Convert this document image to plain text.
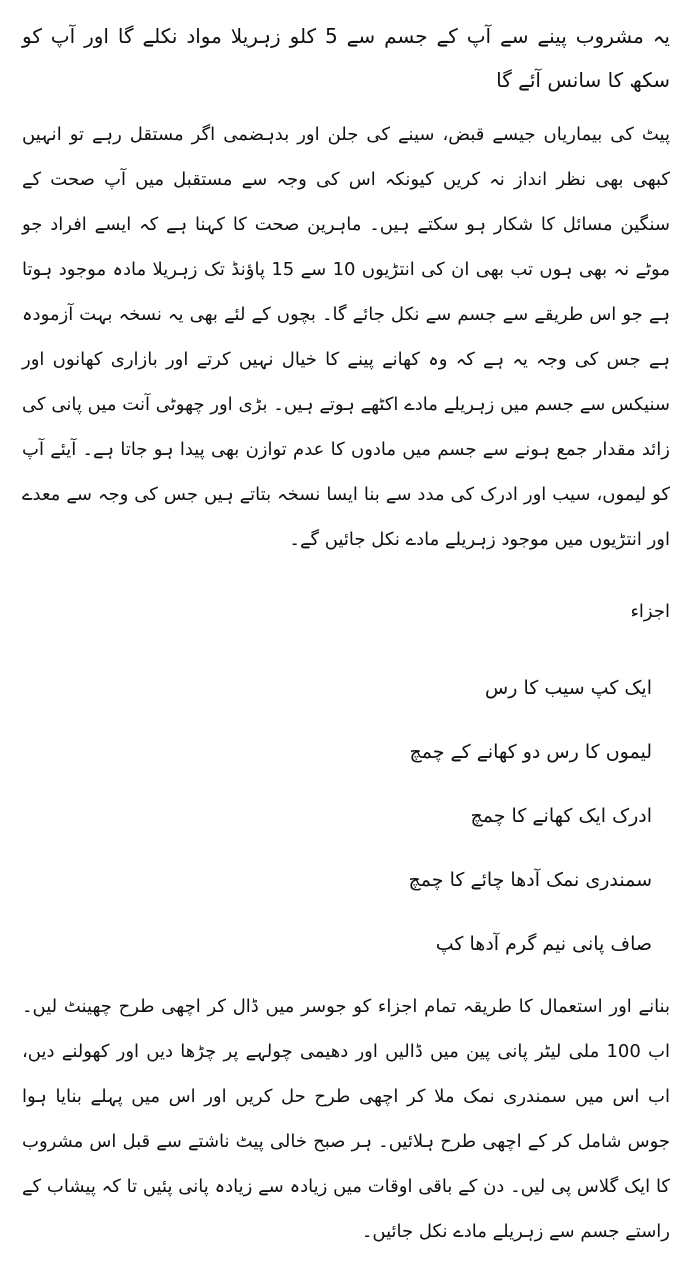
یہ مشروب پینے سے آپ کے جسم سے 5 کلو زہریلا مواد نکلے گا اور آپ کو سکھ کا سانس آئے گا

پیٹ کی بیماریاں جیسے قبض، سینے کی جلن اور بدہضمی اگر مستقل رہے تو انہیں کبھی بھی نظر انداز نہ کریں کیونکہ اس کی وجہ سے مستقبل میں آپ صحت کے سنگین مسائل کا شکار ہو سکتے ہیں۔ ماہرین صحت کا کہنا ہے کہ ایسے افراد جو موٹے نہ بھی ہوں تب بھی ان کی انتڑیوں 10 سے 15 پاؤنڈ تک زہریلا مادہ موجود ہوتا ہے جو اس طریقے سے جسم سے نکل جائے گا۔ بچوں کے لئے بھی یہ نسخہ بہت آزمودہ ہے جس کی وجہ یہ ہے کہ وہ کھانے پینے کا خیال نہیں کرتے اور بازاری کھانوں اور سنیکس سے جسم میں زہریلے مادے اکٹھے ہوتے ہیں۔ بڑی اور چھوٹی آنت میں پانی کی زائد مقدار جمع ہونے سے جسم میں مادوں کا عدم توازن بھی پیدا ہو جاتا ہے۔ آیئے آپ کو لیموں، سیب اور ادرک کی مدد سے بنا ایسا نسخہ بتاتے ہیں جس کی وجہ سے معدے اور انتڑیوں میں موجود زہریلے مادے نکل جائیں گے۔

اجزاء

ایک کپ سیب کا رس
لیموں کا رس دو کھانے کے چمچ
ادرک ایک کھانے کا چمچ
سمندری نمک آدھا چائے کا چمچ
صاف پانی نیم گرم آدھا کپ

بنانے اور استعمال کا طریقہ تمام اجزاء کو جوسر میں ڈال کر اچھی طرح چھینٹ لیں۔ اب 100 ملی لیٹر پانی پین میں ڈالیں اور دھیمی چولہے پر چڑھا دیں اور کھولنے دیں، اب اس میں سمندری نمک ملا کر اچھی طرح حل کریں اور اس میں پہلے بنایا ہوا جوس شامل کر کے اچھی طرح ہلائیں۔ ہر صبح خالی پیٹ ناشتے سے قبل اس مشروب کا ایک گلاس پی لیں۔ دن کے باقی اوقات میں زیادہ سے زیادہ پانی پئیں تا کہ پیشاب کے راستے جسم سے زہریلے مادے نکل جائیں۔
